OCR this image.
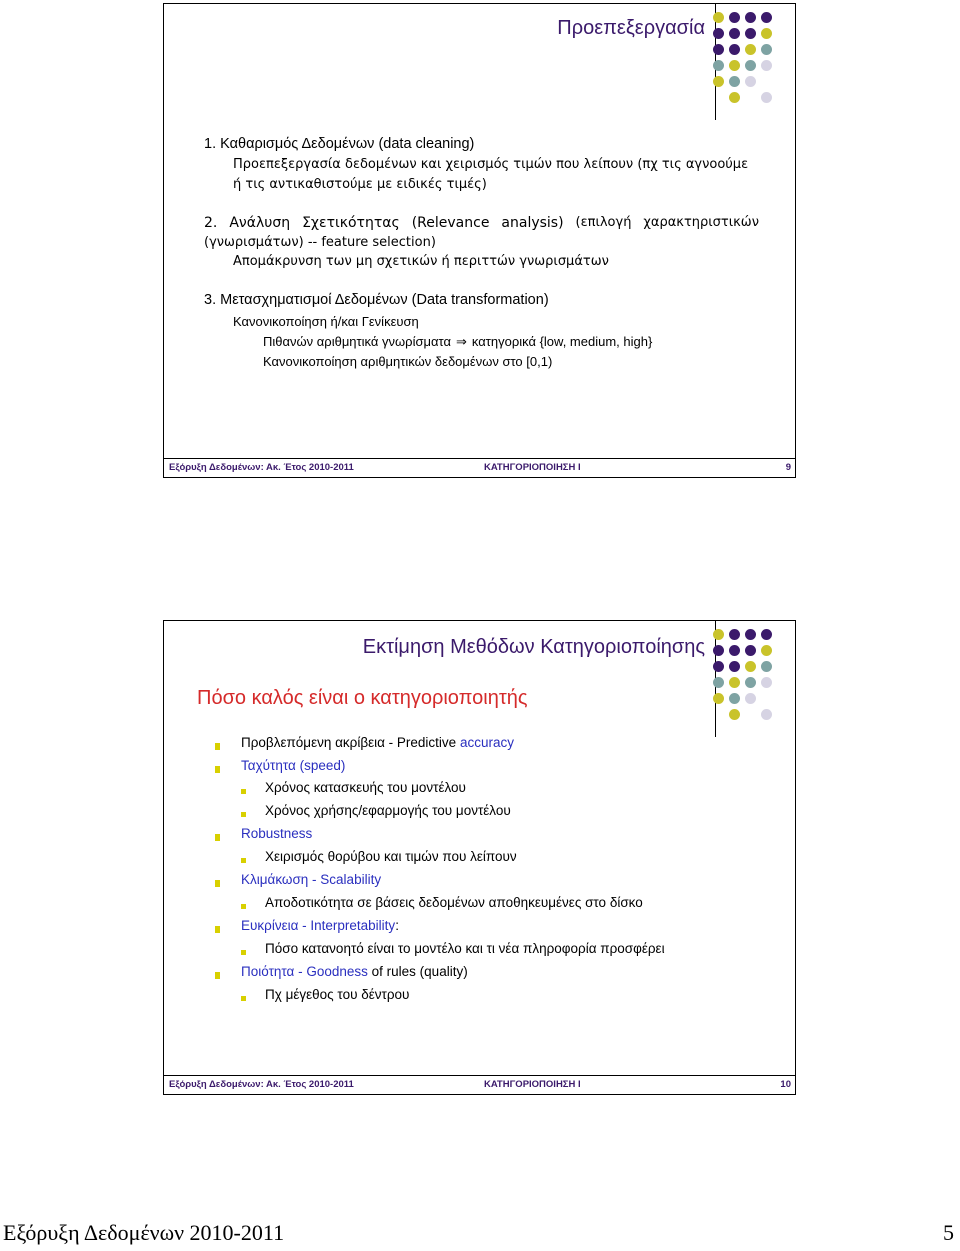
Προεπεξεργασία
1. Καθαρισμός Δεδομένων (data cleaning)
Προεπεξεργασία δεδομένων και χειρισμός τιμών που λείπουν (πχ τις αγνοούμε
ή τις αντικαθιστούμε με ειδικές τιμές)
2. Ανάλυση Σχετικότητας (Relevance analysis) (επιλογή χαρακτηριστικών
(γνωρισμάτων) -- feature selection)
Απομάκρυνση των μη σχετικών ή περιττών γνωρισμάτων
3. Μετασχηματισμοί Δεδομένων (Data transformation)
Κανονικοποίηση ή/και Γενίκευση
Πιθανών αριθμητικά γνωρίσματα ⇒ κατηγορικά {low, medium, high}
Κανονικοποίηση αριθμητικών δεδομένων στο [0,1)
Εξόρυξη Δεδομένων: Ακ. Έτος 2010-2011	ΚΑΤΗΓΟΡΙΟΠΟΙΗΣΗ Ι	9
Εκτίμηση Μεθόδων Κατηγοριοποίησης
Πόσο καλός είναι ο κατηγοριοποιητής
Προβλεπόμενη ακρίβεια - Predictive accuracy
Ταχύτητα (speed)
Χρόνος κατασκευής του μοντέλου
Χρόνος χρήσης/εφαρμογής του μοντέλου
Robustness
Χειρισμός θορύβου και τιμών που λείπουν
Κλιμάκωση - Scalability
Αποδοτικότητα σε βάσεις δεδομένων αποθηκευμένες στο δίσκο
Ευκρίνεια - Interpretability:
Πόσο κατανοητό είναι το μοντέλο και τι νέα πληροφορία προσφέρει
Ποιότητα - Goodness of rules (quality)
Πχ μέγεθος του δέντρου
Εξόρυξη Δεδομένων: Ακ. Έτος 2010-2011	ΚΑΤΗΓΟΡΙΟΠΟΙΗΣΗ Ι	10
Εξόρυξη Δεδομένων 2010-2011	5
